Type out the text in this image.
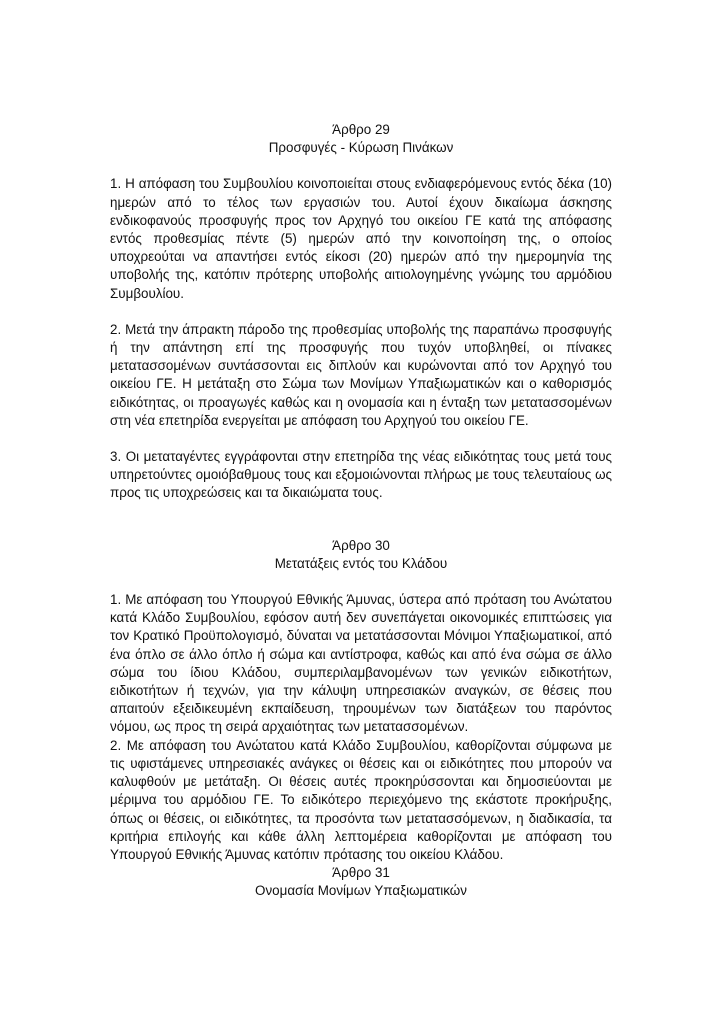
Άρθρο 29
Προσφυγές - Κύρωση Πινάκων

1. Η απόφαση του Συμβουλίου κοινοποιείται στους ενδιαφερόμενους εντός δέκα (10) ημερών από το τέλος των εργασιών του. Αυτοί έχουν δικαίωμα άσκησης ενδικοφανούς προσφυγής προς τον Αρχηγό του οικείου ΓΕ κατά της απόφασης εντός προθεσμίας πέντε (5) ημερών από την κοινοποίηση της, ο οποίος υποχρεούται να απαντήσει εντός είκοσι (20) ημερών από την ημερομηνία της υποβολής της, κατόπιν πρότερης υποβολής αιτιολογημένης γνώμης του αρμόδιου Συμβουλίου.

2. Μετά την άπρακτη πάροδο της προθεσμίας υποβολής της παραπάνω προσφυγής ή την απάντηση επί της προσφυγής που τυχόν υποβληθεί, οι πίνακες μετατασσομένων συντάσσονται εις διπλούν και κυρώνονται από τον Αρχηγό του οικείου ΓΕ. Η μετάταξη στο Σώμα των Μονίμων Υπαξιωματικών και ο καθορισμός ειδικότητας, οι προαγωγές καθώς και η ονομασία και η ένταξη των μετατασσομένων στη νέα επετηρίδα ενεργείται με απόφαση του Αρχηγού του οικείου ΓΕ.

3. Οι μεταταγέντες εγγράφονται στην επετηρίδα της νέας ειδικότητας τους μετά τους υπηρετούντες ομοιόβαθμους τους και εξομοιώνονται πλήρως με τους τελευταίους ως προς τις υποχρεώσεις και τα δικαιώματα τους.

Άρθρο 30
Μετατάξεις εντός του Κλάδου

1. Με απόφαση του Υπουργού Εθνικής Άμυνας, ύστερα από πρόταση του Ανώτατου κατά Κλάδο Συμβουλίου, εφόσον αυτή δεν συνεπάγεται οικονομικές επιπτώσεις για τον Κρατικό Προϋπολογισμό, δύναται να μετατάσσονται Μόνιμοι Υπαξιωματικοί, από ένα όπλο σε άλλο όπλο ή σώμα και αντίστροφα, καθώς και από ένα σώμα σε άλλο σώμα του ίδιου Κλάδου, συμπεριλαμβανομένων των γενικών ειδικοτήτων, ειδικοτήτων ή τεχνών, για την κάλυψη υπηρεσιακών αναγκών, σε θέσεις που απαιτούν εξειδικευμένη εκπαίδευση, τηρουμένων των διατάξεων του παρόντος νόμου, ως προς τη σειρά αρχαιότητας των μετατασσομένων.

2. Με απόφαση του Ανώτατου κατά Κλάδο Συμβουλίου, καθορίζονται σύμφωνα με τις υφιστάμενες υπηρεσιακές ανάγκες οι θέσεις και οι ειδικότητες που μπορούν να καλυφθούν με μετάταξη. Οι θέσεις αυτές προκηρύσσονται και δημοσιεύονται με μέριμνα του αρμόδιου ΓΕ. Το ειδικότερο περιεχόμενο της εκάστοτε προκήρυξης, όπως οι θέσεις, οι ειδικότητες, τα προσόντα των μετατασσόμενων, η διαδικασία, τα κριτήρια επιλογής και κάθε άλλη λεπτομέρεια καθορίζονται με απόφαση του Υπουργού Εθνικής Άμυνας κατόπιν πρότασης του οικείου Κλάδου.

Άρθρο 31
Ονομασία Μονίμων Υπαξιωματικών
